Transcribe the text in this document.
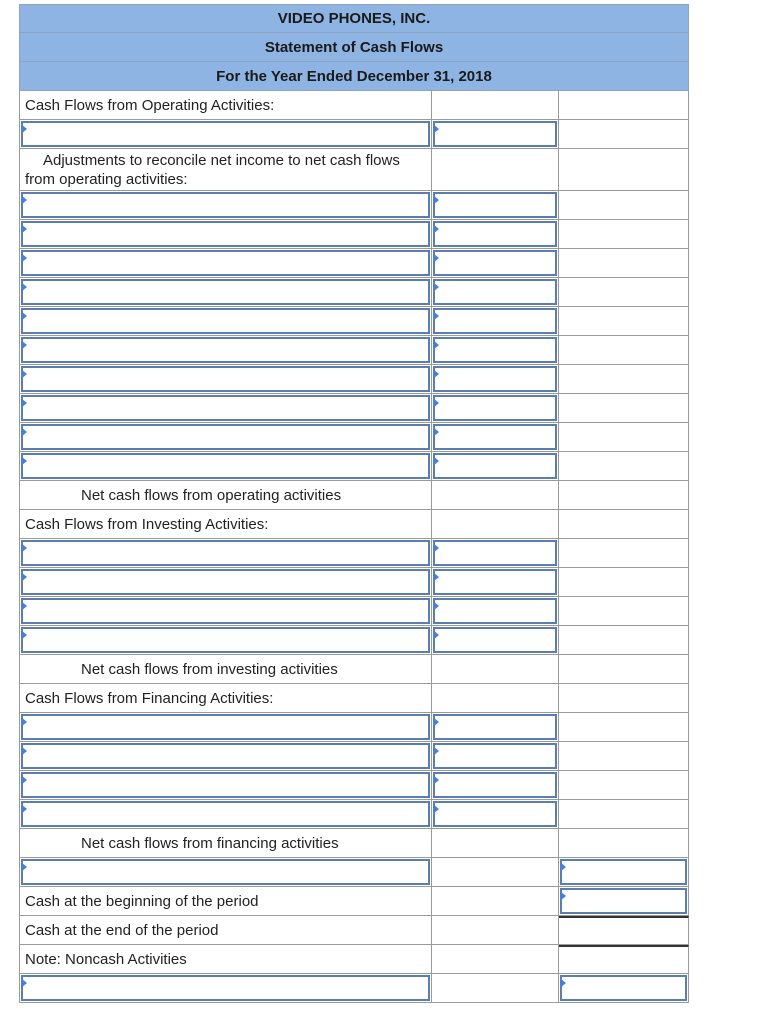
VIDEO PHONES, INC.
Statement of Cash Flows
For the Year Ended December 31, 2018
Cash Flows from Operating Activities:
Adjustments to reconcile net income to net cash flows from operating activities:
Net cash flows from operating activities
Cash Flows from Investing Activities:
Net cash flows from investing activities
Cash Flows from Financing Activities:
Net cash flows from financing activities
Cash at the beginning of the period
Cash at the end of the period
Note: Noncash Activities
